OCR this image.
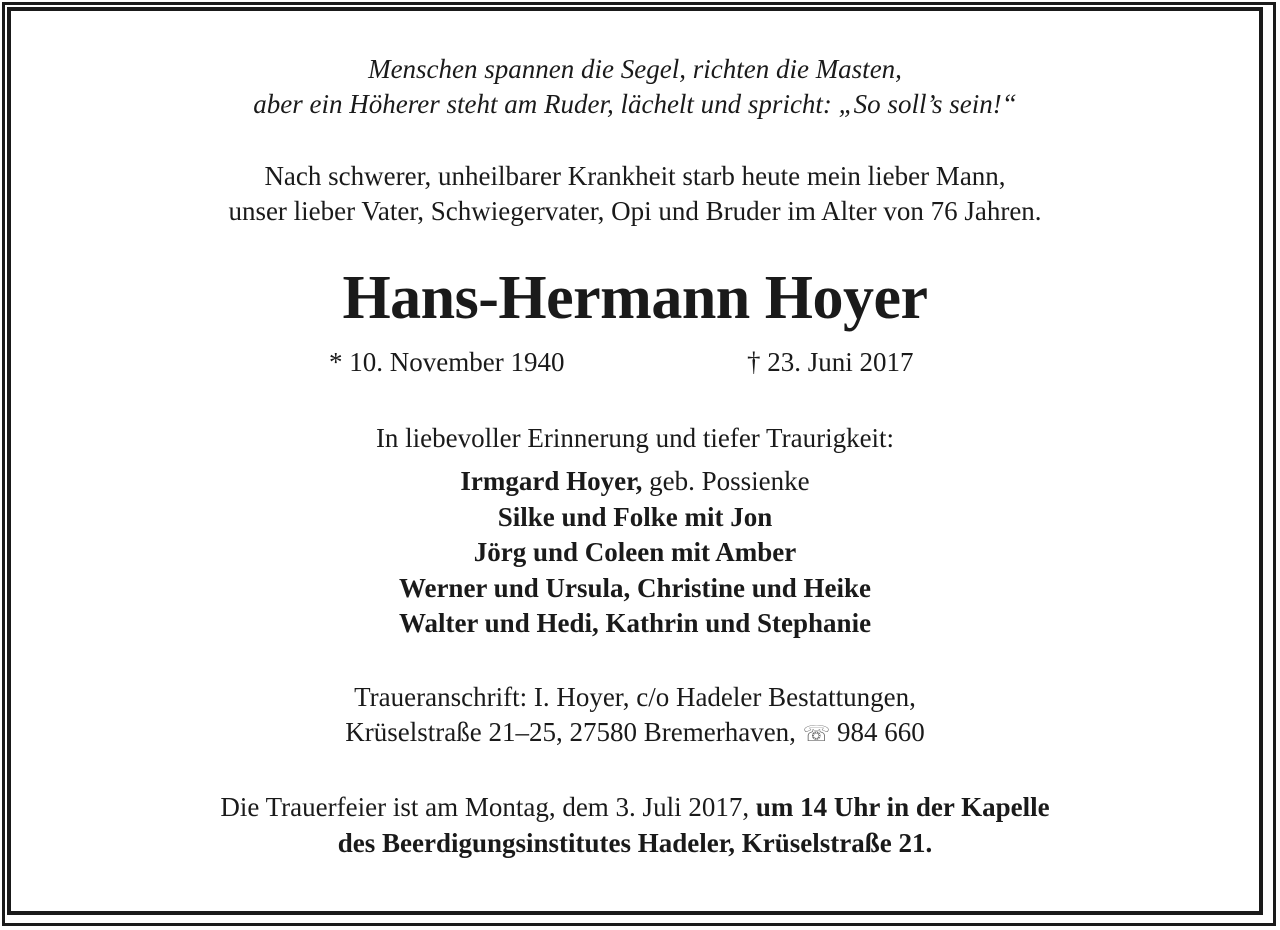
Menschen spannen die Segel, richten die Masten,
aber ein Höherer steht am Ruder, lächelt und spricht: „So soll’s sein!“
Nach schwerer, unheilbarer Krankheit starb heute mein lieber Mann,
unser lieber Vater, Schwiegervater, Opi und Bruder im Alter von 76 Jahren.
Hans-Hermann Hoyer
* 10. November 1940	† 23. Juni 2017
In liebevoller Erinnerung und tiefer Traurigkeit:
Irmgard Hoyer, geb. Possienke
Silke und Folke mit Jon
Jörg und Coleen mit Amber
Werner und Ursula, Christine und Heike
Walter und Hedi, Kathrin und Stephanie
Traueranschrift: I. Hoyer, c/o Hadeler Bestattungen,
Krüselstraße 21–25, 27580 Bremerhaven, ☏ 984 660
Die Trauerfeier ist am Montag, dem 3. Juli 2017, um 14 Uhr in der Kapelle
des Beerdigungsinstitutes Hadeler, Krüselstraße 21.
